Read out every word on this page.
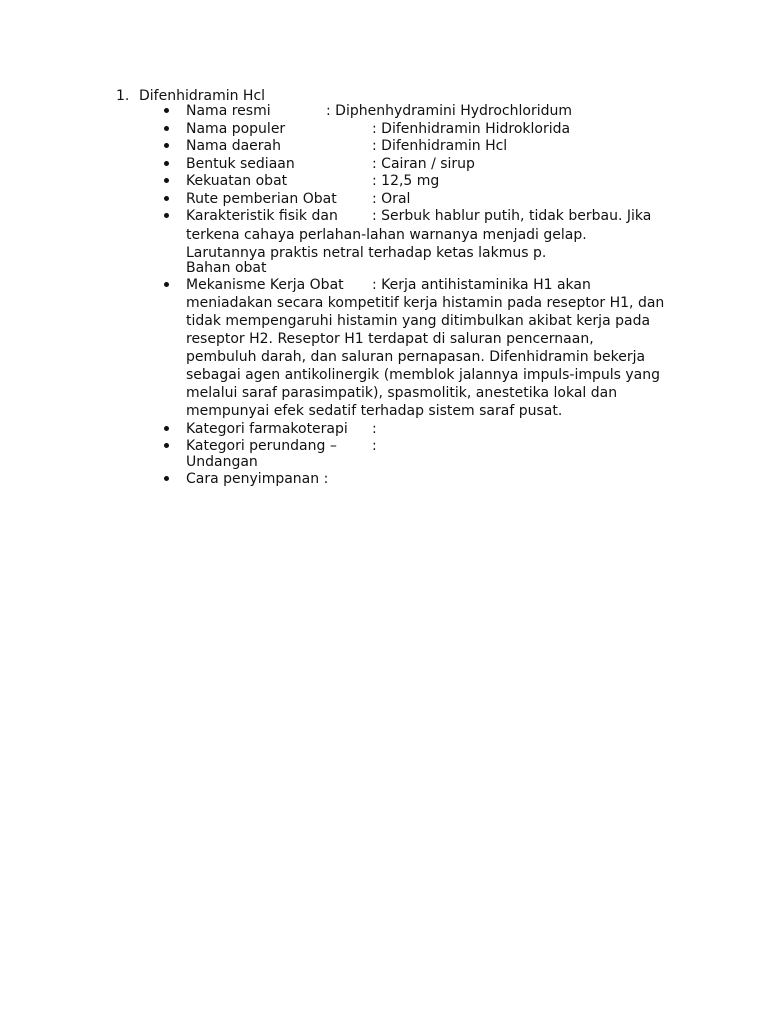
1. Difenhidramin Hcl
Nama resmi	: Diphenhydramini Hydrochloridum
Nama populer	: Difenhidramin Hidroklorida
Nama daerah	: Difenhidramin Hcl
Bentuk sediaan	: Cairan / sirup
Kekuatan obat	: 12,5 mg
Rute pemberian Obat	: Oral
Karakteristik fisik dan : Serbuk hablur putih, tidak berbau. Jika
terkena cahaya perlahan-lahan warnanya menjadi gelap.
Larutannya praktis netral terhadap ketas lakmus p.
Bahan obat
Mekanisme Kerja Obat : Kerja antihistaminika H1 akan
meniadakan secara kompetitif kerja histamin pada reseptor H1, dan
tidak mempengaruhi histamin yang ditimbulkan akibat kerja pada
reseptor H2. Reseptor H1 terdapat di saluran pencernaan,
pembuluh darah, dan saluran pernapasan. Difenhidramin bekerja
sebagai agen antikolinergik (memblok jalannya impuls-impuls yang
melalui saraf parasimpatik), spasmolitik, anestetika lokal dan
mempunyai efek sedatif terhadap sistem saraf pusat.
Kategori farmakoterapi :
Kategori perundang –	:
Undangan
Cara penyimpanan :
